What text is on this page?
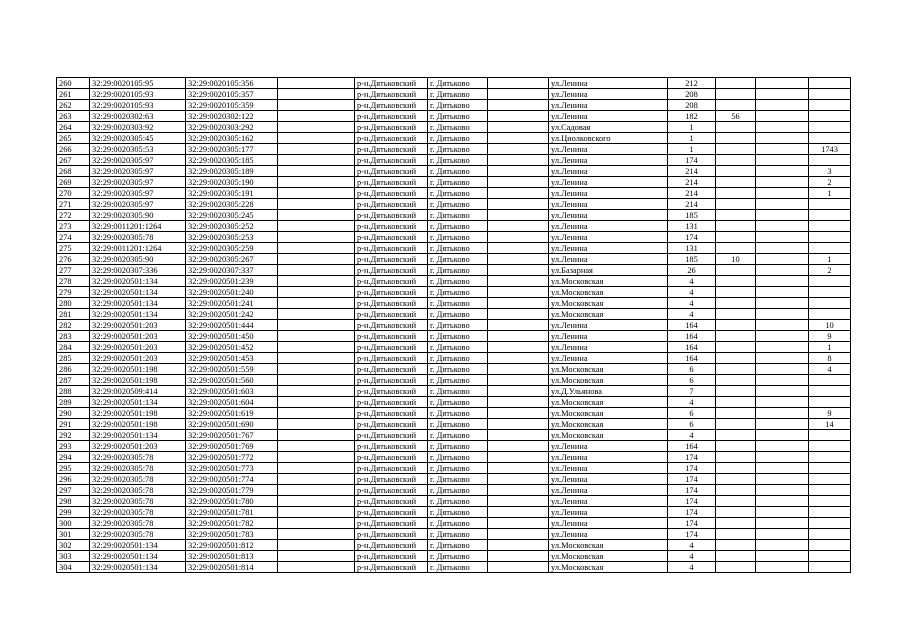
260	32:29:0020105:95	32:29:0020105:356		р-н.Дятьковский	г. Дятьково		ул.Ленина	212			
261	32:29:0020105:93	32:29:0020105:357		р-н.Дятьковский	г. Дятьково		ул.Ленина	208			
262	32:29:0020105:93	32:29:0020105:359		р-н.Дятьковский	г. Дятьково		ул.Ленина	208			
263	32:29:0020302:63	32:29:0020302:122		р-н.Дятьковский	г. Дятьково		ул.Ленина	182	56		
264	32:29:0020303:92	32:29:0020303:292		р-н.Дятьковский	г. Дятьково		ул.Садовая	1			
265	32:29:0020305:45	32:29:0020305:162		р-н.Дятьковский	г. Дятьково		ул.Циолковского	1			
266	32:29:0020305:53	32:29:0020305:177		р-н.Дятьковский	г. Дятьково		ул.Ленина	1			1743
267	32:29:0020305:97	32:29:0020305:185		р-н.Дятьковский	г. Дятьково		ул.Ленина	174			
268	32:29:0020305:97	32:29:0020305:189		р-н.Дятьковский	г. Дятьково		ул.Ленина	214			3
269	32:29:0020305:97	32:29:0020305:190		р-н.Дятьковский	г. Дятьково		ул.Ленина	214			2
270	32:29:0020305:97	32:29:0020305:191		р-н.Дятьковский	г. Дятьково		ул.Ленина	214			1
271	32:29:0020305:97	32:29:0020305:228		р-н.Дятьковский	г. Дятьково		ул.Ленина	214			
272	32:29:0020305:90	32:29:0020305:245		р-н.Дятьковский	г. Дятьково		ул.Ленина	185			
273	32:29:0011201:1264	32:29:0020305:252		р-н.Дятьковский	г. Дятьково		ул.Ленина	131			
274	32:29:0020305:78	32:29:0020305:253		р-н.Дятьковский	г. Дятьково		ул.Ленина	174			
275	32:29:0011201:1264	32:29:0020305:259		р-н.Дятьковский	г. Дятьково		ул.Ленина	131			
276	32:29:0020305:90	32:29:0020305:267		р-н.Дятьковский	г. Дятьково		ул.Ленина	185	10		1
277	32:29:0020307:336	32:29:0020307:337		р-н.Дятьковский	г. Дятьково		ул.Базарная	26			2
278	32:29:0020501:134	32:29:0020501:239		р-н.Дятьковский	г. Дятьково		ул.Московская	4			
279	32:29:0020501:134	32:29:0020501:240		р-н.Дятьковский	г. Дятьково		ул.Московская	4			
280	32:29:0020501:134	32:29:0020501:241		р-н.Дятьковский	г. Дятьково		ул.Московская	4			
281	32:29:0020501:134	32:29:0020501:242		р-н.Дятьковский	г. Дятьково		ул.Московская	4			
282	32:29:0020501:203	32:29:0020501:444		р-н.Дятьковский	г. Дятьково		ул.Ленина	164			10
283	32:29:0020501:203	32:29:0020501:450		р-н.Дятьковский	г. Дятьково		ул.Ленина	164			9
284	32:29:0020501:203	32:29:0020501:452		р-н.Дятьковский	г. Дятьково		ул.Ленина	164			1
285	32:29:0020501:203	32:29:0020501:453		р-н.Дятьковский	г. Дятьково		ул.Ленина	164			8
286	32:29:0020501:198	32:29:0020501:559		р-н.Дятьковский	г. Дятьково		ул.Московская	6			4
287	32:29:0020501:198	32:29:0020501:560		р-н.Дятьковский	г. Дятьково		ул.Московская	6			
288	32:29:0020509:414	32:29:0020501:603		р-н.Дятьковский	г. Дятьково		ул.Д.Ульянова	7			
289	32:29:0020501:134	32:29:0020501:604		р-н.Дятьковский	г. Дятьково		ул.Московская	4			
290	32:29:0020501:198	32:29:0020501:619		р-н.Дятьковский	г. Дятьково		ул.Московская	6			9
291	32:29:0020501:198	32:29:0020501:690		р-н.Дятьковский	г. Дятьково		ул.Московская	6			14
292	32:29:0020501:134	32:29:0020501:767		р-н.Дятьковский	г. Дятьково		ул.Московская	4			
293	32:29:0020501:203	32:29:0020501:769		р-н.Дятьковский	г. Дятьково		ул.Ленина	164			
294	32:29:0020305:78	32:29:0020501:772		р-н.Дятьковский	г. Дятьково		ул.Ленина	174			
295	32:29:0020305:78	32:29:0020501:773		р-н.Дятьковский	г. Дятьково		ул.Ленина	174			
296	32:29:0020305:78	32:29:0020501:774		р-н.Дятьковский	г. Дятьково		ул.Ленина	174			
297	32:29:0020305:78	32:29:0020501:779		р-н.Дятьковский	г. Дятьково		ул.Ленина	174			
298	32:29:0020305:78	32:29:0020501:780		р-н.Дятьковский	г. Дятьково		ул.Ленина	174			
299	32:29:0020305:78	32:29:0020501:781		р-н.Дятьковский	г. Дятьково		ул.Ленина	174			
300	32:29:0020305:78	32:29:0020501:782		р-н.Дятьковский	г. Дятьково		ул.Ленина	174			
301	32:29:0020305:78	32:29:0020501:783		р-н.Дятьковский	г. Дятьково		ул.Ленина	174			
302	32:29:0020501:134	32:29:0020501:812		р-н.Дятьковский	г. Дятьково		ул.Московская	4			
303	32:29:0020501:134	32:29:0020501:813		р-н.Дятьковский	г. Дятьково		ул.Московская	4			
304	32:29:0020501:134	32:29:0020501:814		р-н.Дятьковский	г. Дятьково		ул.Московская	4			
